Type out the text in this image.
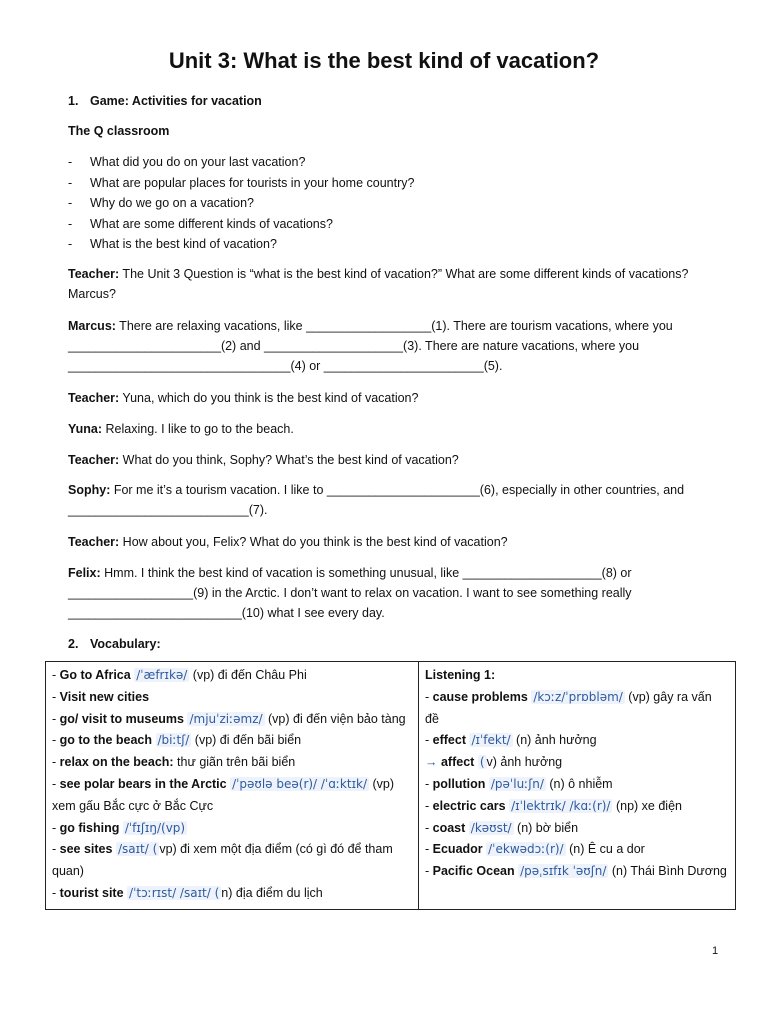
Unit 3: What is the best kind of vacation?

1. Game: Activities for vacation

The Q classroom

- What did you do on your last vacation?
- What are popular places for tourists in your home country?
- Why do we go on a vacation?
- What are some different kinds of vacations?
- What is the best kind of vacation?

Teacher: The Unit 3 Question is “what is the best kind of vacation?” What are some different kinds of vacations? Marcus?

Marcus: There are relaxing vacations, like __________________(1). There are tourism vacations, where you ______________________(2) and ____________________(3). There are nature vacations, where you ________________________________(4) or _______________________(5).

Teacher: Yuna, which do you think is the best kind of vacation?

Yuna: Relaxing. I like to go to the beach.

Teacher: What do you think, Sophy? What’s the best kind of vacation?

Sophy: For me it’s a tourism vacation. I like to ______________________(6), especially in other countries, and __________________________(7).

Teacher: How about you, Felix? What do you think is the best kind of vacation?

Felix: Hmm. I think the best kind of vacation is something unusual, like ____________________(8) or __________________(9) in the Arctic. I don’t want to relax on vacation. I want to see something really _________________________(10) what I see every day.

2. Vocabulary:

- Go to Africa /ˈæfrɪkə/ (vp) đi đến Châu Phi
- Visit new cities
- go/ visit to museums /mjuˈziːəmz/ (vp) đi đến viện bảo tàng
- go to the beach /biːtʃ/ (vp) đi đến bãi biển
- relax on the beach: thư giãn trên bãi biển
- see polar bears in the Arctic /ˈpəʊlə beə(r)/ /ˈɑːktɪk/ (vp) xem gấu Bắc cực ở Bắc Cực
- go fishing /ˈfɪʃɪŋ/(vp)
- see sites /saɪt/ ( vp) đi xem một địa điểm (có gì đó để tham quan)
- tourist site /ˈtɔːrɪst/ /saɪt/ ( n) địa điểm du lịch

Listening 1:
- cause problems /kɔːz/ˈprɒbləm/ (vp) gây ra vấn đề
- effect /ɪˈfekt/ (n) ảnh hưởng
→ affect ( v) ảnh hưởng
- pollution /pəˈluːʃn/ (n) ô nhiễm
- electric cars /ɪˈlektrɪk/ /kɑː(r)/ (np) xe điện
- coast /kəʊst/ (n) bờ biển
- Ecuador /ˈekwədɔː(r)/ (n) Ê cu a dor
- Pacific Ocean /pəˌsɪfɪk ˈəʊʃn/ (n) Thái Bình Dương
1
